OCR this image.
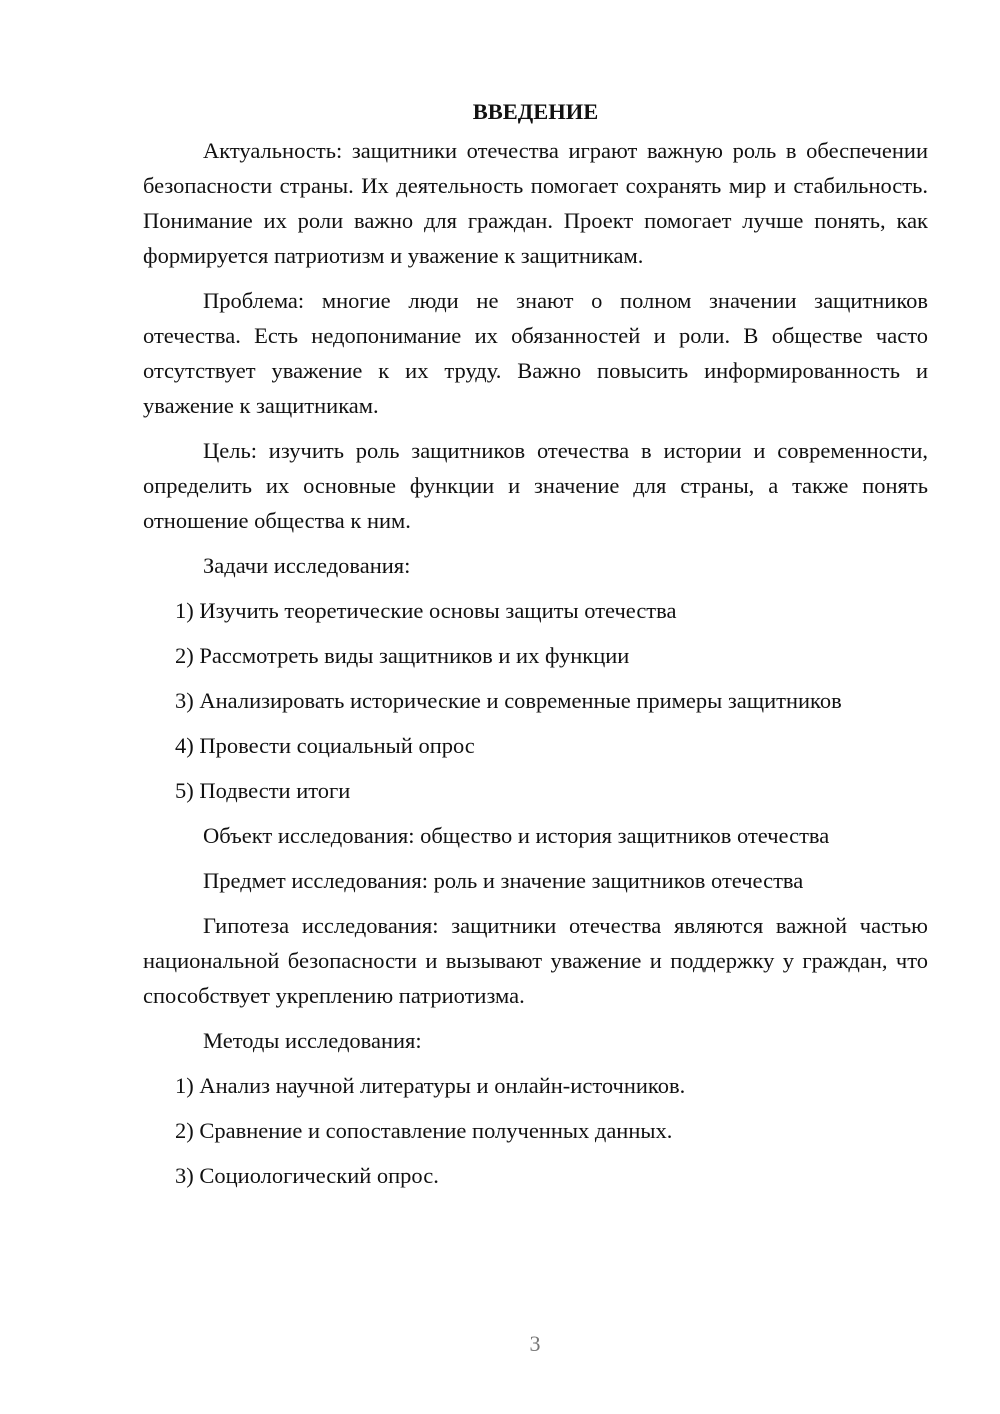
ВВЕДЕНИЕ

Актуальность: защитники отечества играют важную роль в обеспечении безопасности страны. Их деятельность помогает сохранять мир и стабильность. Понимание их роли важно для граждан. Проект помогает лучше понять, как формируется патриотизм и уважение к защитникам.

Проблема: многие люди не знают о полном значении защитников отечества. Есть недопонимание их обязанностей и роли. В обществе часто отсутствует уважение к их труду. Важно повысить информированность и уважение к защитникам.

Цель: изучить роль защитников отечества в истории и современности, определить их основные функции и значение для страны, а также понять отношение общества к ним.

Задачи исследования:

1) Изучить теоретические основы защиты отечества
2) Рассмотреть виды защитников и их функции
3) Анализировать исторические и современные примеры защитников
4) Провести социальный опрос
5) Подвести итоги

Объект исследования: общество и история защитников отечества

Предмет исследования: роль и значение защитников отечества

Гипотеза исследования: защитники отечества являются важной частью национальной безопасности и вызывают уважение и поддержку у граждан, что способствует укреплению патриотизма.

Методы исследования:

1) Анализ научной литературы и онлайн-источников.
2) Сравнение и сопоставление полученных данных.
3) Социологический опрос.
3
